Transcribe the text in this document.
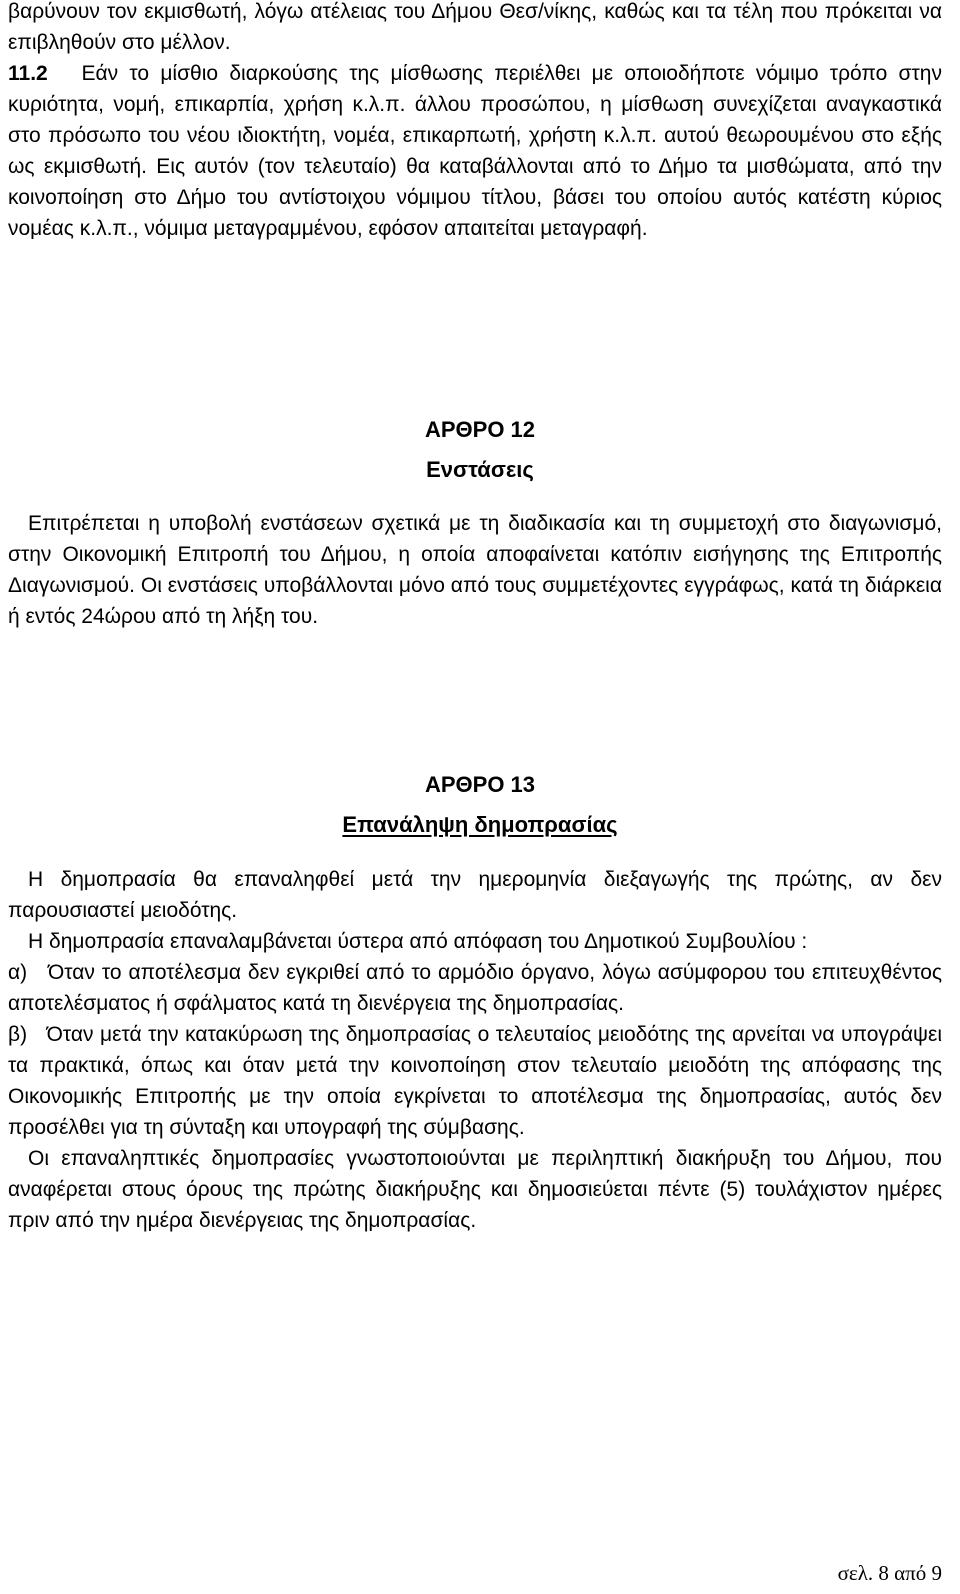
βαρύνουν τον εκμισθωτή, λόγω ατέλειας του Δήμου Θεσ/νίκης, καθώς και τα τέλη που πρόκειται να επιβληθούν στο μέλλον.

11.2 Εάν το μίσθιο διαρκούσης της μίσθωσης περιέλθει με οποιοδήποτε νόμιμο τρόπο στην κυριότητα, νομή, επικαρπία, χρήση κ.λ.π. άλλου προσώπου, η μίσθωση συνεχίζεται αναγκαστικά στο πρόσωπο του νέου ιδιοκτήτη, νομέα, επικαρπωτή, χρήστη κ.λ.π. αυτού θεωρουμένου στο εξής ως εκμισθωτή. Εις αυτόν (τον τελευταίο) θα καταβάλλονται από το Δήμο τα μισθώματα, από την κοινοποίηση στο Δήμο του αντίστοιχου νόμιμου τίτλου, βάσει του οποίου αυτός κατέστη κύριος νομέας κ.λ.π., νόμιμα μεταγραμμένου, εφόσον απαιτείται μεταγραφή.

ΑΡΘΡΟ 12
Ενστάσεις

Επιτρέπεται η υποβολή ενστάσεων σχετικά με τη διαδικασία και τη συμμετοχή στο διαγωνισμό, στην Οικονομική Επιτροπή του Δήμου, η οποία αποφαίνεται κατόπιν εισήγησης της Επιτροπής Διαγωνισμού. Οι ενστάσεις υποβάλλονται μόνο από τους συμμετέχοντες εγγράφως, κατά τη διάρκεια ή εντός 24ώρου από τη λήξη του.

ΑΡΘΡΟ 13
Επανάληψη δημοπρασίας

Η δημοπρασία θα επαναληφθεί μετά την ημερομηνία διεξαγωγής της πρώτης, αν δεν παρουσιαστεί μειοδότης.

Η δημοπρασία επαναλαμβάνεται ύστερα από απόφαση του Δημοτικού Συμβουλίου :

α) Όταν το αποτέλεσμα δεν εγκριθεί από το αρμόδιο όργανο, λόγω ασύμφορου του επιτευχθέντος αποτελέσματος ή σφάλματος κατά τη διενέργεια της δημοπρασίας.

β) Όταν μετά την κατακύρωση της δημοπρασίας ο τελευταίος μειοδότης της αρνείται να υπογράψει τα πρακτικά, όπως και όταν μετά την κοινοποίηση στον τελευταίο μειοδότη της απόφασης της Οικονομικής Επιτροπής με την οποία εγκρίνεται το αποτέλεσμα της δημοπρασίας, αυτός δεν προσέλθει για τη σύνταξη και υπογραφή της σύμβασης.

Οι επαναληπτικές δημοπρασίες γνωστοποιούνται με περιληπτική διακήρυξη του Δήμου, που αναφέρεται στους όρους της πρώτης διακήρυξης και δημοσιεύεται πέντε (5) τουλάχιστον ημέρες πριν από την ημέρα διενέργειας της δημοπρασίας.

σελ. 8 από 9
